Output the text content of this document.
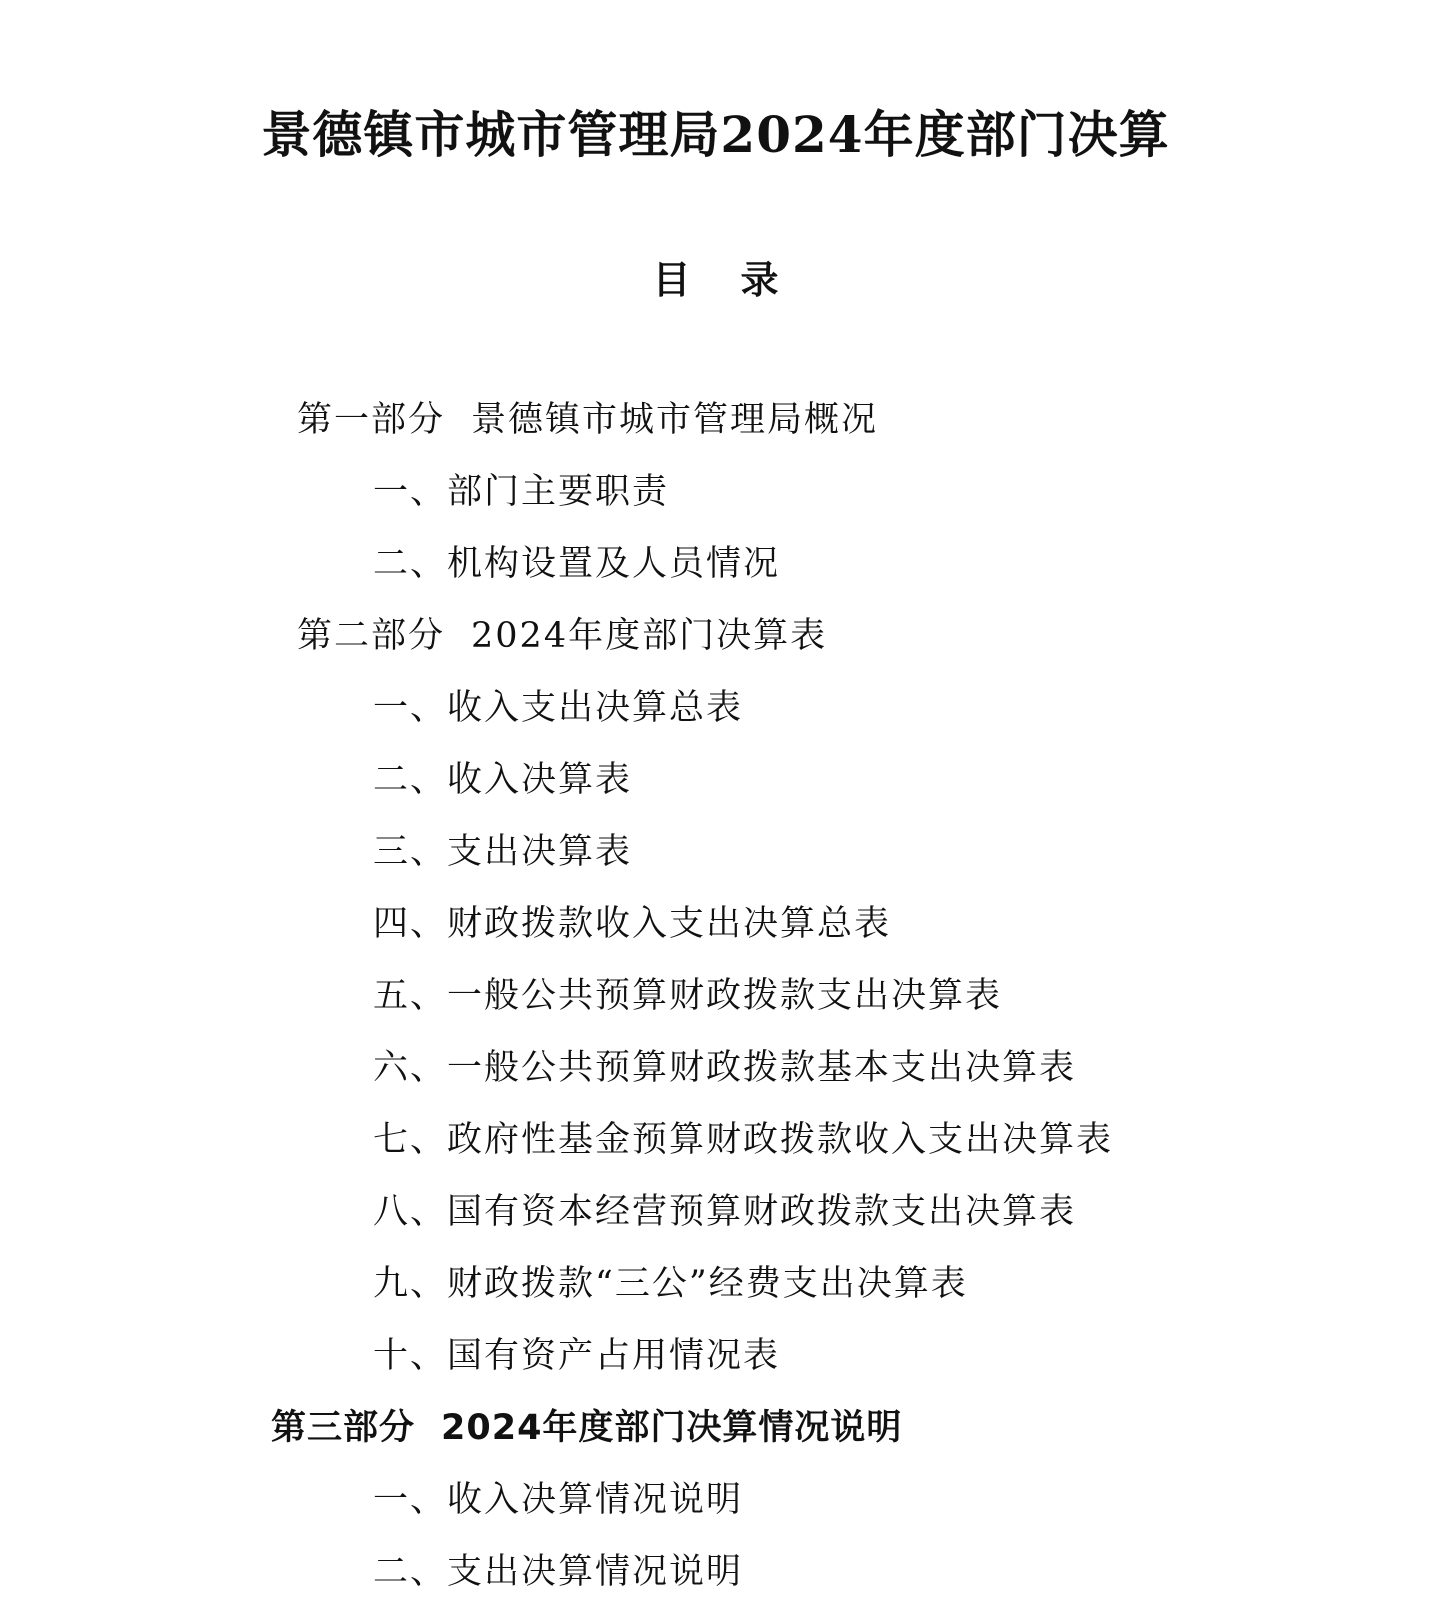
景德镇市城市管理局2024年度部门决算
目 录
第一部分 景德镇市城市管理局概况
一、部门主要职责
二、机构设置及人员情况
第二部分 2024年度部门决算表
一、收入支出决算总表
二、收入决算表
三、支出决算表
四、财政拨款收入支出决算总表
五、一般公共预算财政拨款支出决算表
六、一般公共预算财政拨款基本支出决算表
七、政府性基金预算财政拨款收入支出决算表
八、国有资本经营预算财政拨款支出决算表
九、财政拨款“三公”经费支出决算表
十、国有资产占用情况表
第三部分 2024年度部门决算情况说明
一、收入决算情况说明
二、支出决算情况说明
